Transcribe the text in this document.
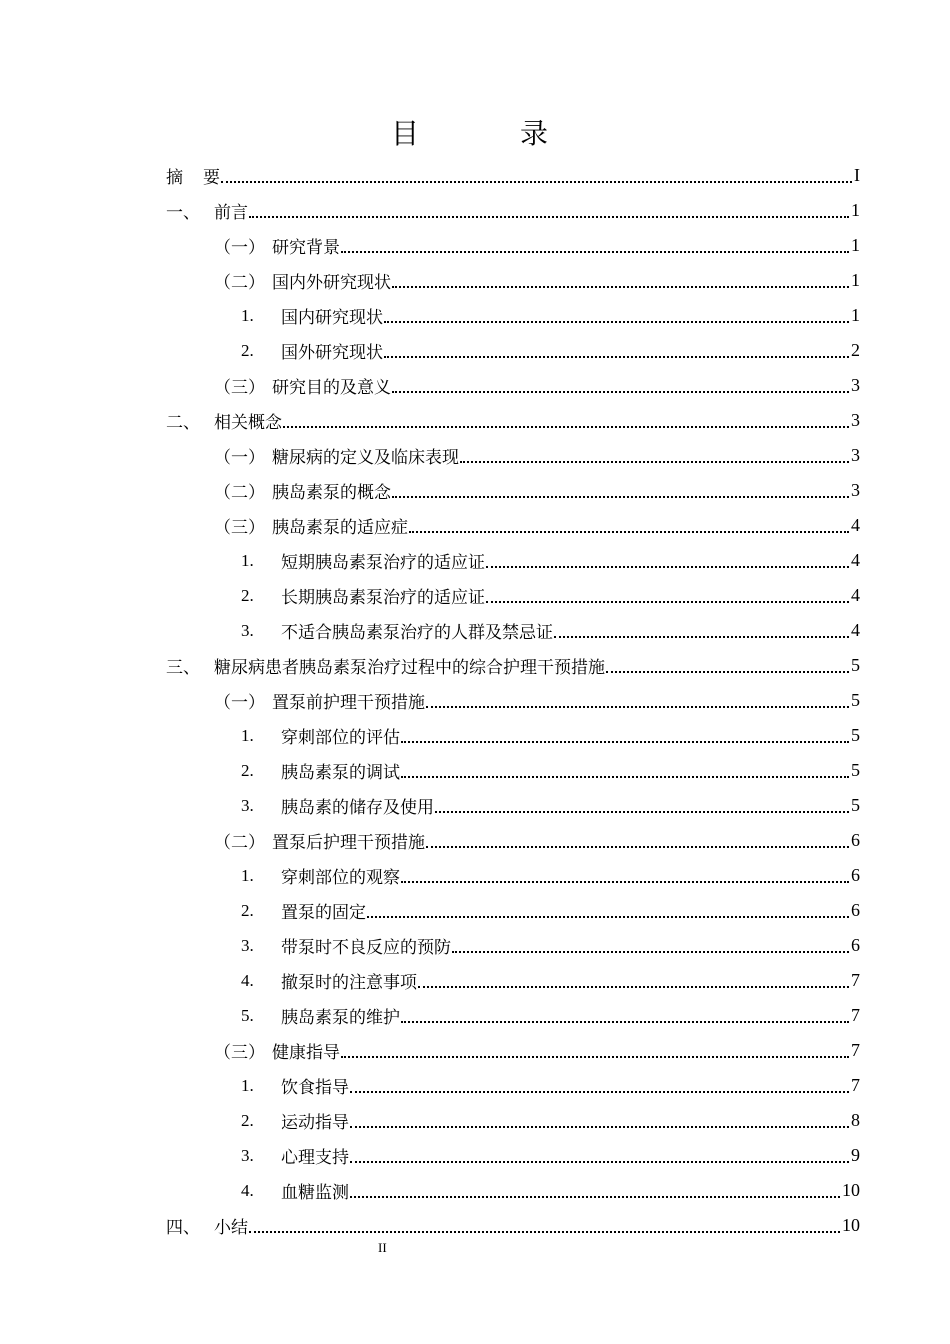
目 录
摘要	I
一、 前言	1
（一） 研究背景	1
（二） 国内外研究现状	1
1.	国内研究现状	1
2.	国外研究现状	2
（三） 研究目的及意义	3
二、 相关概念	3
（一） 糖尿病的定义及临床表现	3
（二） 胰岛素泵的概念	3
（三） 胰岛素泵的适应症	4
1.	短期胰岛素泵治疗的适应证	4
2.	长期胰岛素泵治疗的适应证	4
3.	不适合胰岛素泵治疗的人群及禁忌证	4
三、 糖尿病患者胰岛素泵治疗过程中的综合护理干预措施	5
（一） 置泵前护理干预措施	5
1.	穿刺部位的评估	5
2.	胰岛素泵的调试	5
3.	胰岛素的储存及使用	5
（二） 置泵后护理干预措施	6
1.	穿刺部位的观察	6
2.	置泵的固定	6
3.	带泵时不良反应的预防	6
4.	撤泵时的注意事项	7
5.	胰岛素泵的维护	7
（三） 健康指导	7
1.	饮食指导	7
2.	运动指导	8
3.	心理支持	9
4.	血糖监测	10
四、 小结	10
II
